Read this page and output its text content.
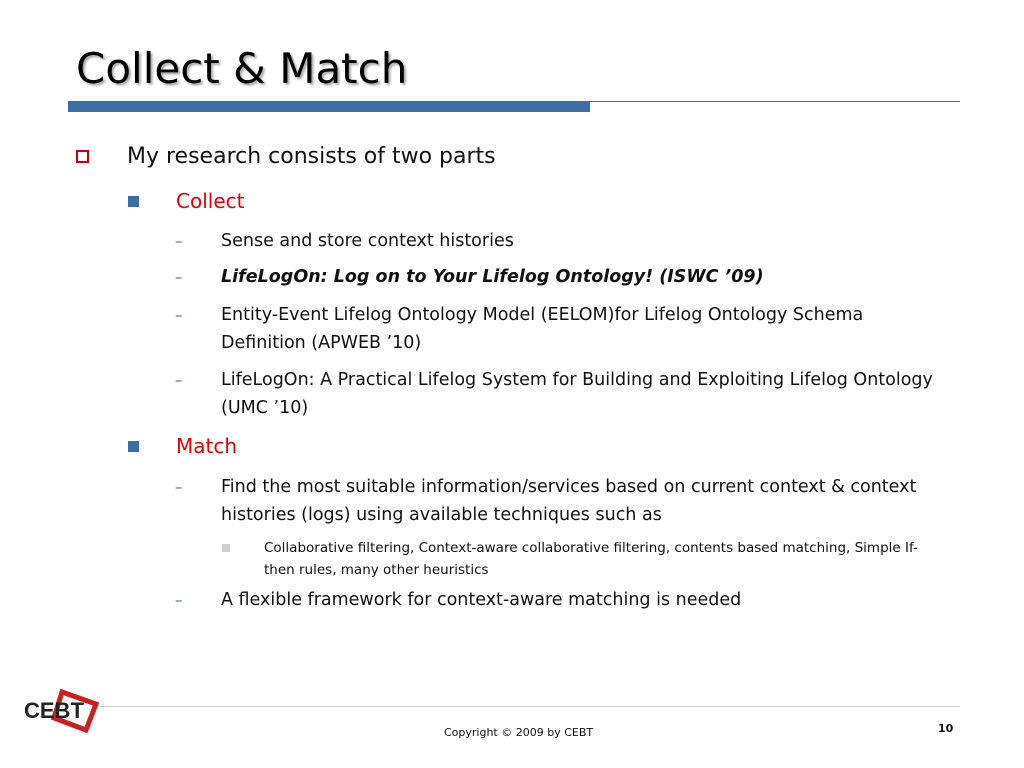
Collect & Match
My research consists of two parts
Collect
– Sense and store context histories
– LifeLogOn: Log on to Your Lifelog Ontology! (ISWC ’09)
– Entity-Event Lifelog Ontology Model (EELOM)for Lifelog Ontology Schema Definition (APWEB ’10)
– LifeLogOn: A Practical Lifelog System for Building and Exploiting Lifelog Ontology (UMC ’10)
Match
– Find the most suitable information/services based on current context & context histories (logs) using available techniques such as
Collaborative filtering, Context-aware collaborative filtering, contents based matching, Simple If-then rules, many other heuristics
– A flexible framework for context-aware matching is needed
CEBT
Copyright © 2009 by CEBT	10
